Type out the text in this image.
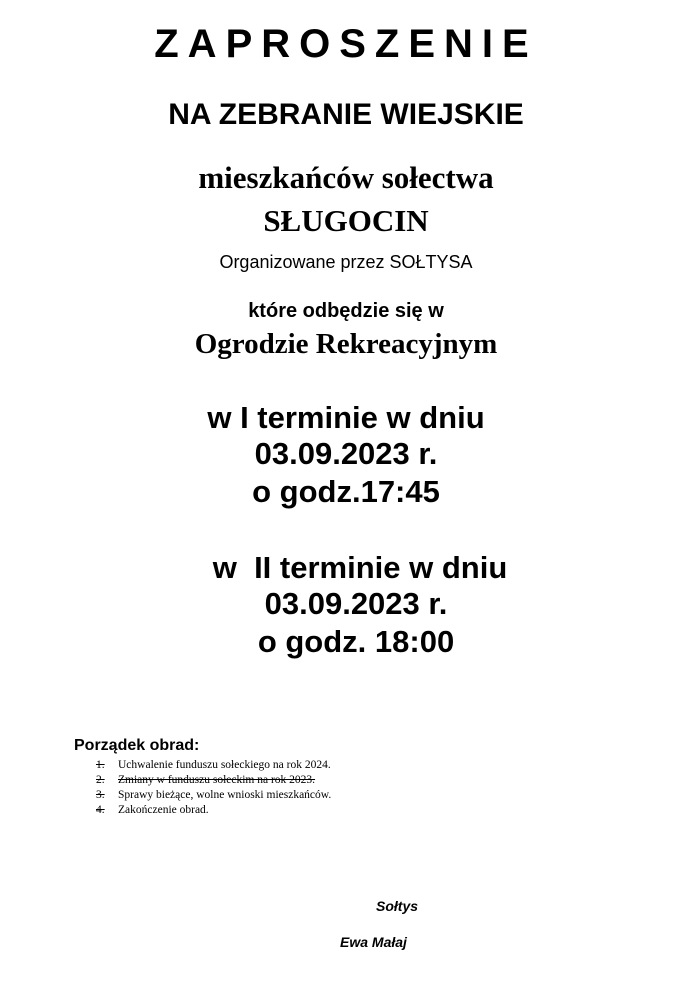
ZAPROSZENIE
NA ZEBRANIE WIEJSKIE
mieszkańców sołectwa
SŁUGOCIN
Organizowane przez SOŁTYSA
które odbędzie się w
Ogrodzie Rekreacyjnym
w I terminie w dniu
03.09.2023 r.
o godz.17:45
w  II terminie w dniu
03.09.2023 r.
o godz. 18:00
Porządek obrad:
1. Uchwalenie funduszu sołeckiego na rok 2024.
2. Zmiany w funduszu sołeckim na rok 2023.
3. Sprawy bieżące, wolne wnioski mieszkańców.
4. Zakończenie obrad.
Sołtys
Ewa Małaj
